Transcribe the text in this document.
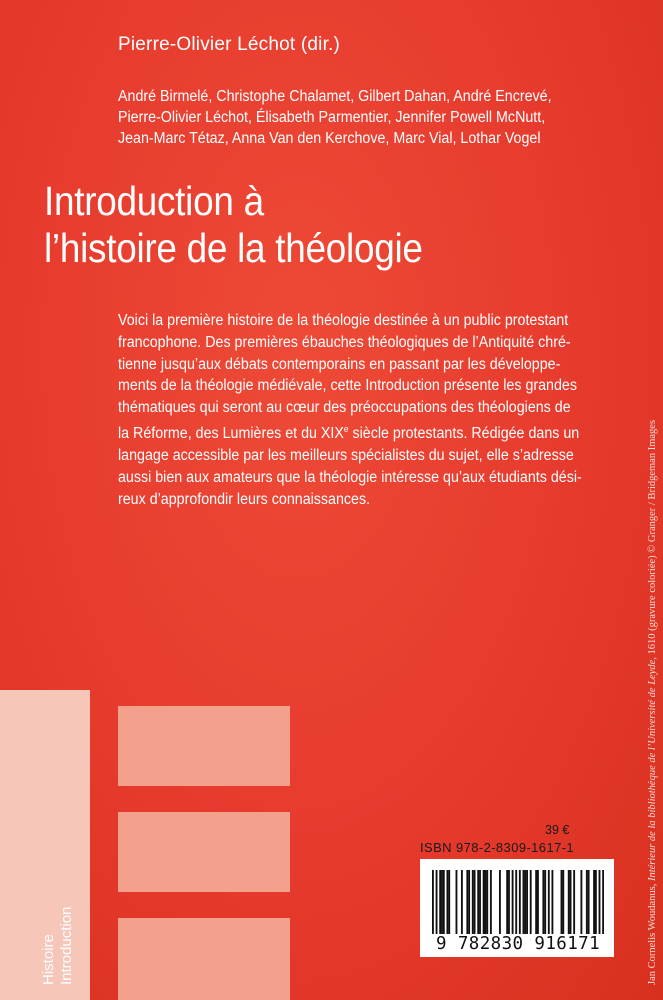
Pierre-Olivier Léchot (dir.)
André Birmelé, Christophe Chalamet, Gilbert Dahan, André Encrevé,
Pierre-Olivier Léchot, Élisabeth Parmentier, Jennifer Powell McNutt,
Jean-Marc Tétaz, Anna Van den Kerchove, Marc Vial, Lothar Vogel
Introduction à
l’histoire de la théologie
Voici la première histoire de la théologie destinée à un public protestant
francophone. Des premières ébauches théologiques de l’Antiquité chré-
tienne jusqu’aux débats contemporains en passant par les développe-
ments de la théologie médiévale, cette Introduction présente les grandes
thématiques qui seront au cœur des préoccupations des théologiens de
la Réforme, des Lumières et du XIXe siècle protestants. Rédigée dans un
langage accessible par les meilleurs spécialistes du sujet, elle s’adresse
aussi bien aux amateurs que la théologie intéresse qu’aux étudiants dési-
reux d’approfondir leurs connaissances.
Jan Cornelis Woudanus, Intérieur de la bibliothèque de l’Université de Leyde, 1610 (gravure coloriée) © Granger / Bridgeman Images
Histoire Introduction
39 €
ISBN 978-2-8309-1617-1
9 782830 916171
